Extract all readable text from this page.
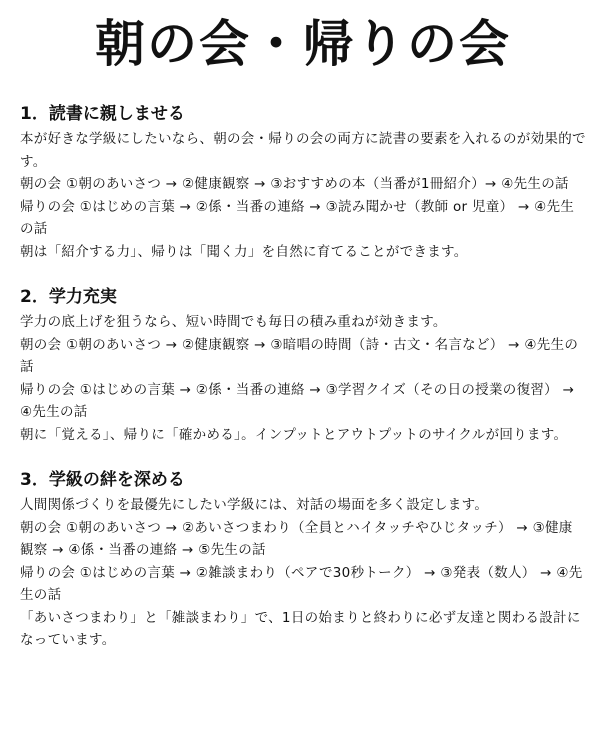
朝の会・帰りの会
1．読書に親しませる

本が好きな学級にしたいなら、朝の会・帰りの会の両方に読書の要素を入れるのが効果的です。

朝の会 ①朝のあいさつ → ②健康観察 → ③おすすめの本（当番が1冊紹介）→ ④先生の話

帰りの会 ①はじめの言葉 → ②係・当番の連絡 → ③読み聞かせ（教師 or 児童） → ④先生の話

朝は「紹介する力」、帰りは「聞く力」を自然に育てることができます。

2．学力充実

学力の底上げを狙うなら、短い時間でも毎日の積み重ねが効きます。

朝の会 ①朝のあいさつ → ②健康観察 → ③暗唱の時間（詩・古文・名言など） → ④先生の話

帰りの会 ①はじめの言葉 → ②係・当番の連絡 → ③学習クイズ（その日の授業の復習） → ④先生の話

朝に「覚える」、帰りに「確かめる」。インプットとアウトプットのサイクルが回ります。

3．学級の絆を深める

人間関係づくりを最優先にしたい学級には、対話の場面を多く設定します。

朝の会 ①朝のあいさつ → ②あいさつまわり（全員とハイタッチやひじタッチ） → ③健康観察 → ④係・当番の連絡 → ⑤先生の話

帰りの会 ①はじめの言葉 → ②雑談まわり（ペアで30秒トーク） → ③発表（数人） → ④先生の話

「あいさつまわり」と「雑談まわり」で、1日の始まりと終わりに必ず友達と関わる設計になっています。
